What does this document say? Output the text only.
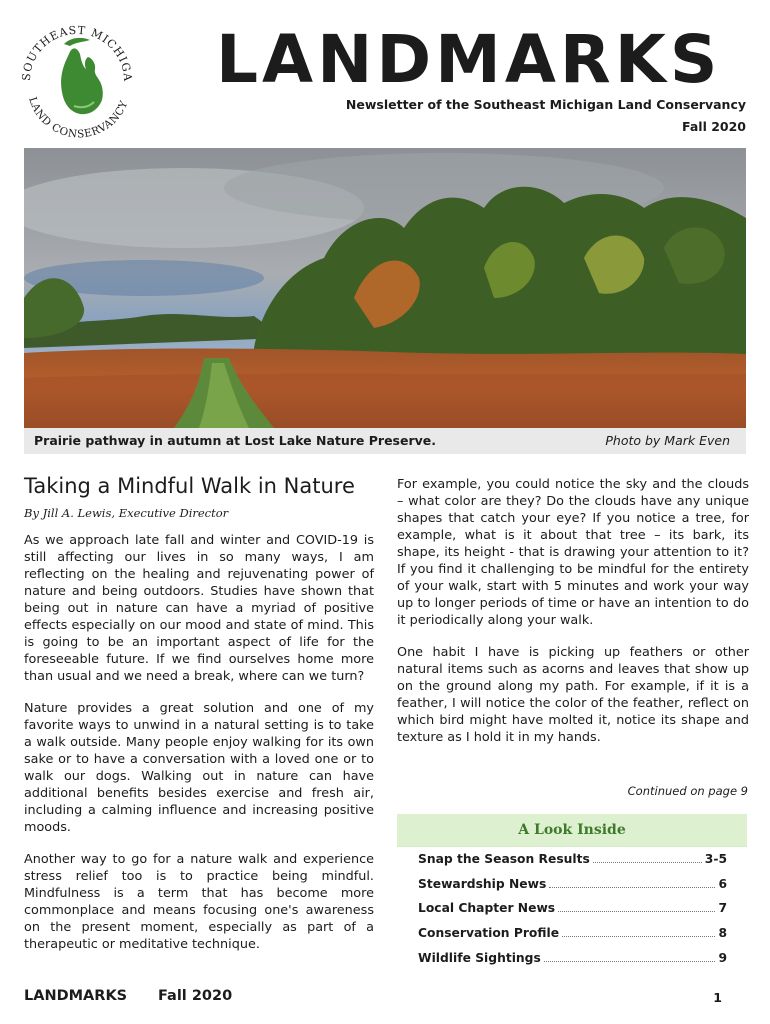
SOUTHEAST MICHIGA
LAND CONSERVANCY
LANDMARKS
Newsletter of the Southeast Michigan Land Conservancy
Fall 2020
Prairie pathway in autumn at Lost Lake Nature Preserve.	Photo by Mark Even
Taking a Mindful Walk in Nature
By Jill A. Lewis, Executive Director

As we approach late fall and winter and COVID-19 is still affecting our lives in so many ways, I am reflecting on the healing and rejuvenating power of nature and being outdoors. Studies have shown that being out in nature can have a myriad of positive effects especially on our mood and state of mind. This is going to be an important aspect of life for the foreseeable future. If we find ourselves home more than usual and we need a break, where can we turn?

Nature provides a great solution and one of my favorite ways to unwind in a natural setting is to take a walk outside. Many people enjoy walking for its own sake or to have a conversation with a loved one or to walk our dogs. Walking out in nature can have additional benefits besides exercise and fresh air, including a calming influence and increasing positive moods.

Another way to go for a nature walk and experience stress relief too is to practice being mindful. Mindfulness is a term that has become more commonplace and means focusing one's awareness on the present moment, especially as part of a therapeutic or meditative technique.

For example, you could notice the sky and the clouds – what color are they? Do the clouds have any unique shapes that catch your eye? If you notice a tree, for example, what is it about that tree – its bark, its shape, its height - that is drawing your attention to it? If you find it challenging to be mindful for the entirety of your walk, start with 5 minutes and work your way up to longer periods of time or have an intention to do it periodically along your walk.

One habit I have is picking up feathers or other natural items such as acorns and leaves that show up on the ground along my path. For example, if it is a feather, I will notice the color of the feather, reflect on which bird might have molted it, notice its shape and texture as I hold it in my hands.

Continued on page 9
A Look Inside
Snap the Season Results	3-5
Stewardship News	6
Local Chapter News	7
Conservation Profile	8
Wildlife Sightings	9
LANDMARKS Fall 2020	1
